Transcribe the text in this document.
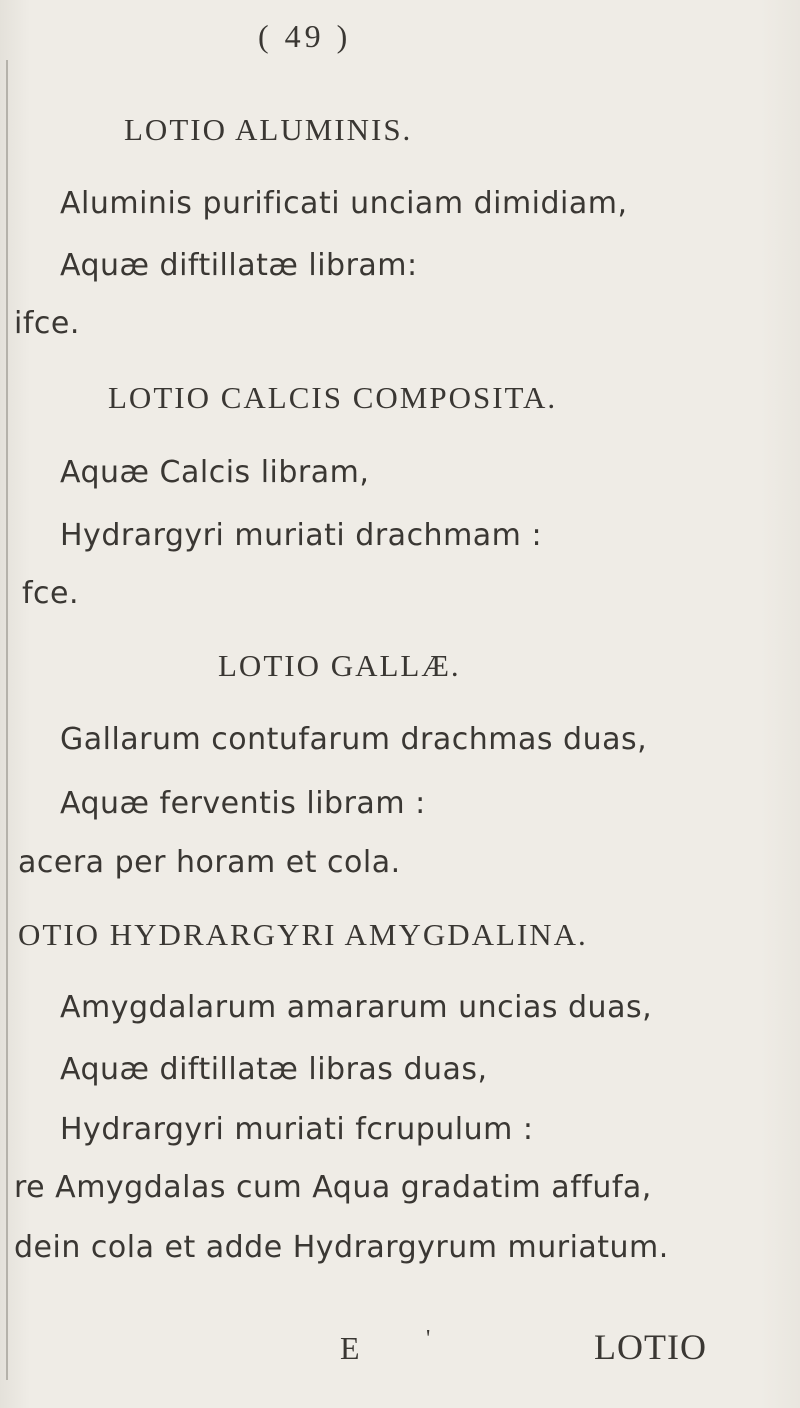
( 49 )
LOTIO ALUMINIS.
Aluminis purificati unciam dimidiam,
Aquæ diftillatæ libram:
ifce.
LOTIO CALCIS COMPOSITA.
Aquæ Calcis libram,
Hydrargyri muriati drachmam :
fce.
LOTIO GALLÆ.
Gallarum contufarum drachmas duas,
Aquæ ferventis libram :
acera per horam et cola.
OTIO HYDRARGYRI AMYGDALINA.
Amygdalarum amararum uncias duas,
Aquæ diftillatæ libras duas,
Hydrargyri muriati fcrupulum :
re Amygdalas cum Aqua gradatim affufa,
dein cola et adde Hydrargyrum muriatum.
E	'	LOTIO
